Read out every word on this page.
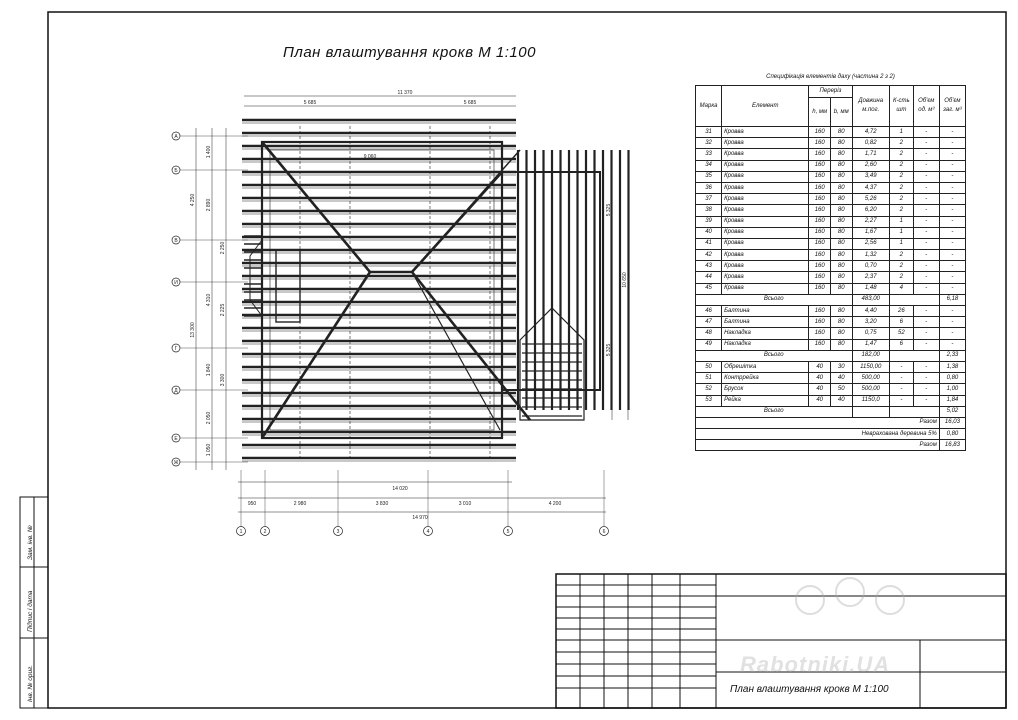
А
Б
В
Г
Д
Е
Ж
И
1 400
2 890
4 250
2 250
2 225
4 310
3 300
13 300
1 840
2 050
1 050
1	2	3	4	5	6
14 020
14 970
950	2 980	3 830	3 010	4 200
5 685
11 370
5 685
9 060
5 325
10 650
5 325
План влаштування крокв М 1:100
Специфікація елементів даху (частина 2 з 2)
Марка	Елемент	Переріз		Довжина м.пог.	К-сть шт	Об'єм од. м³	Об'єм заг. м³
		h, мм	b, мм				
31	Кровва	160	80	4,72	1	-	-
32	Кровва	160	80	0,82	2	-	-
33	Кровва	160	80	1,71	2	-	-
34	Кровва	160	80	2,60	2	-	-
35	Кровва	160	80	3,49	2	-	-
36	Кровва	160	80	4,37	2	-	-
37	Кровва	160	80	5,26	2	-	-
38	Кровва	160	80	6,20	2	-	-
39	Кровва	160	80	2,27	1	-	-
40	Кровва	160	80	1,67	1	-	-
41	Кровва	160	80	2,56	1	-	-
42	Кровва	160	80	1,32	2	-	-
43	Кровва	160	80	0,70	2	-	-
44	Кровва	160	80	2,37	2	-	-
45	Кровва	160	80	1,48	4	-	-
Всього				483,00			6,18
46	Балтина	160	80	4,40	26	-	-
47	Балтина	160	80	3,20	6	-	-
48	Накладка	160	80	0,75	52	-	-
49	Накладка	160	80	1,47	6	-	-
Всього				182,00			2,33
50	Обрешітка	40	30	1150,00	-	-	1,38
51	Контррейка	40	40	500,00	-	-	0,80
52	Брусок	40	50	500,00	-	-	1,00
53	Рейка	40	40	1150,0	-	-	1,84
Всього							5,02
Разом							16,03
Неврахована деревина 5%							0,80
Разом							16,83
Rabotniki.UA
План влаштування крокв М 1:100
Зам. інв. №
Підпис і дата
Інв. № ориг.
